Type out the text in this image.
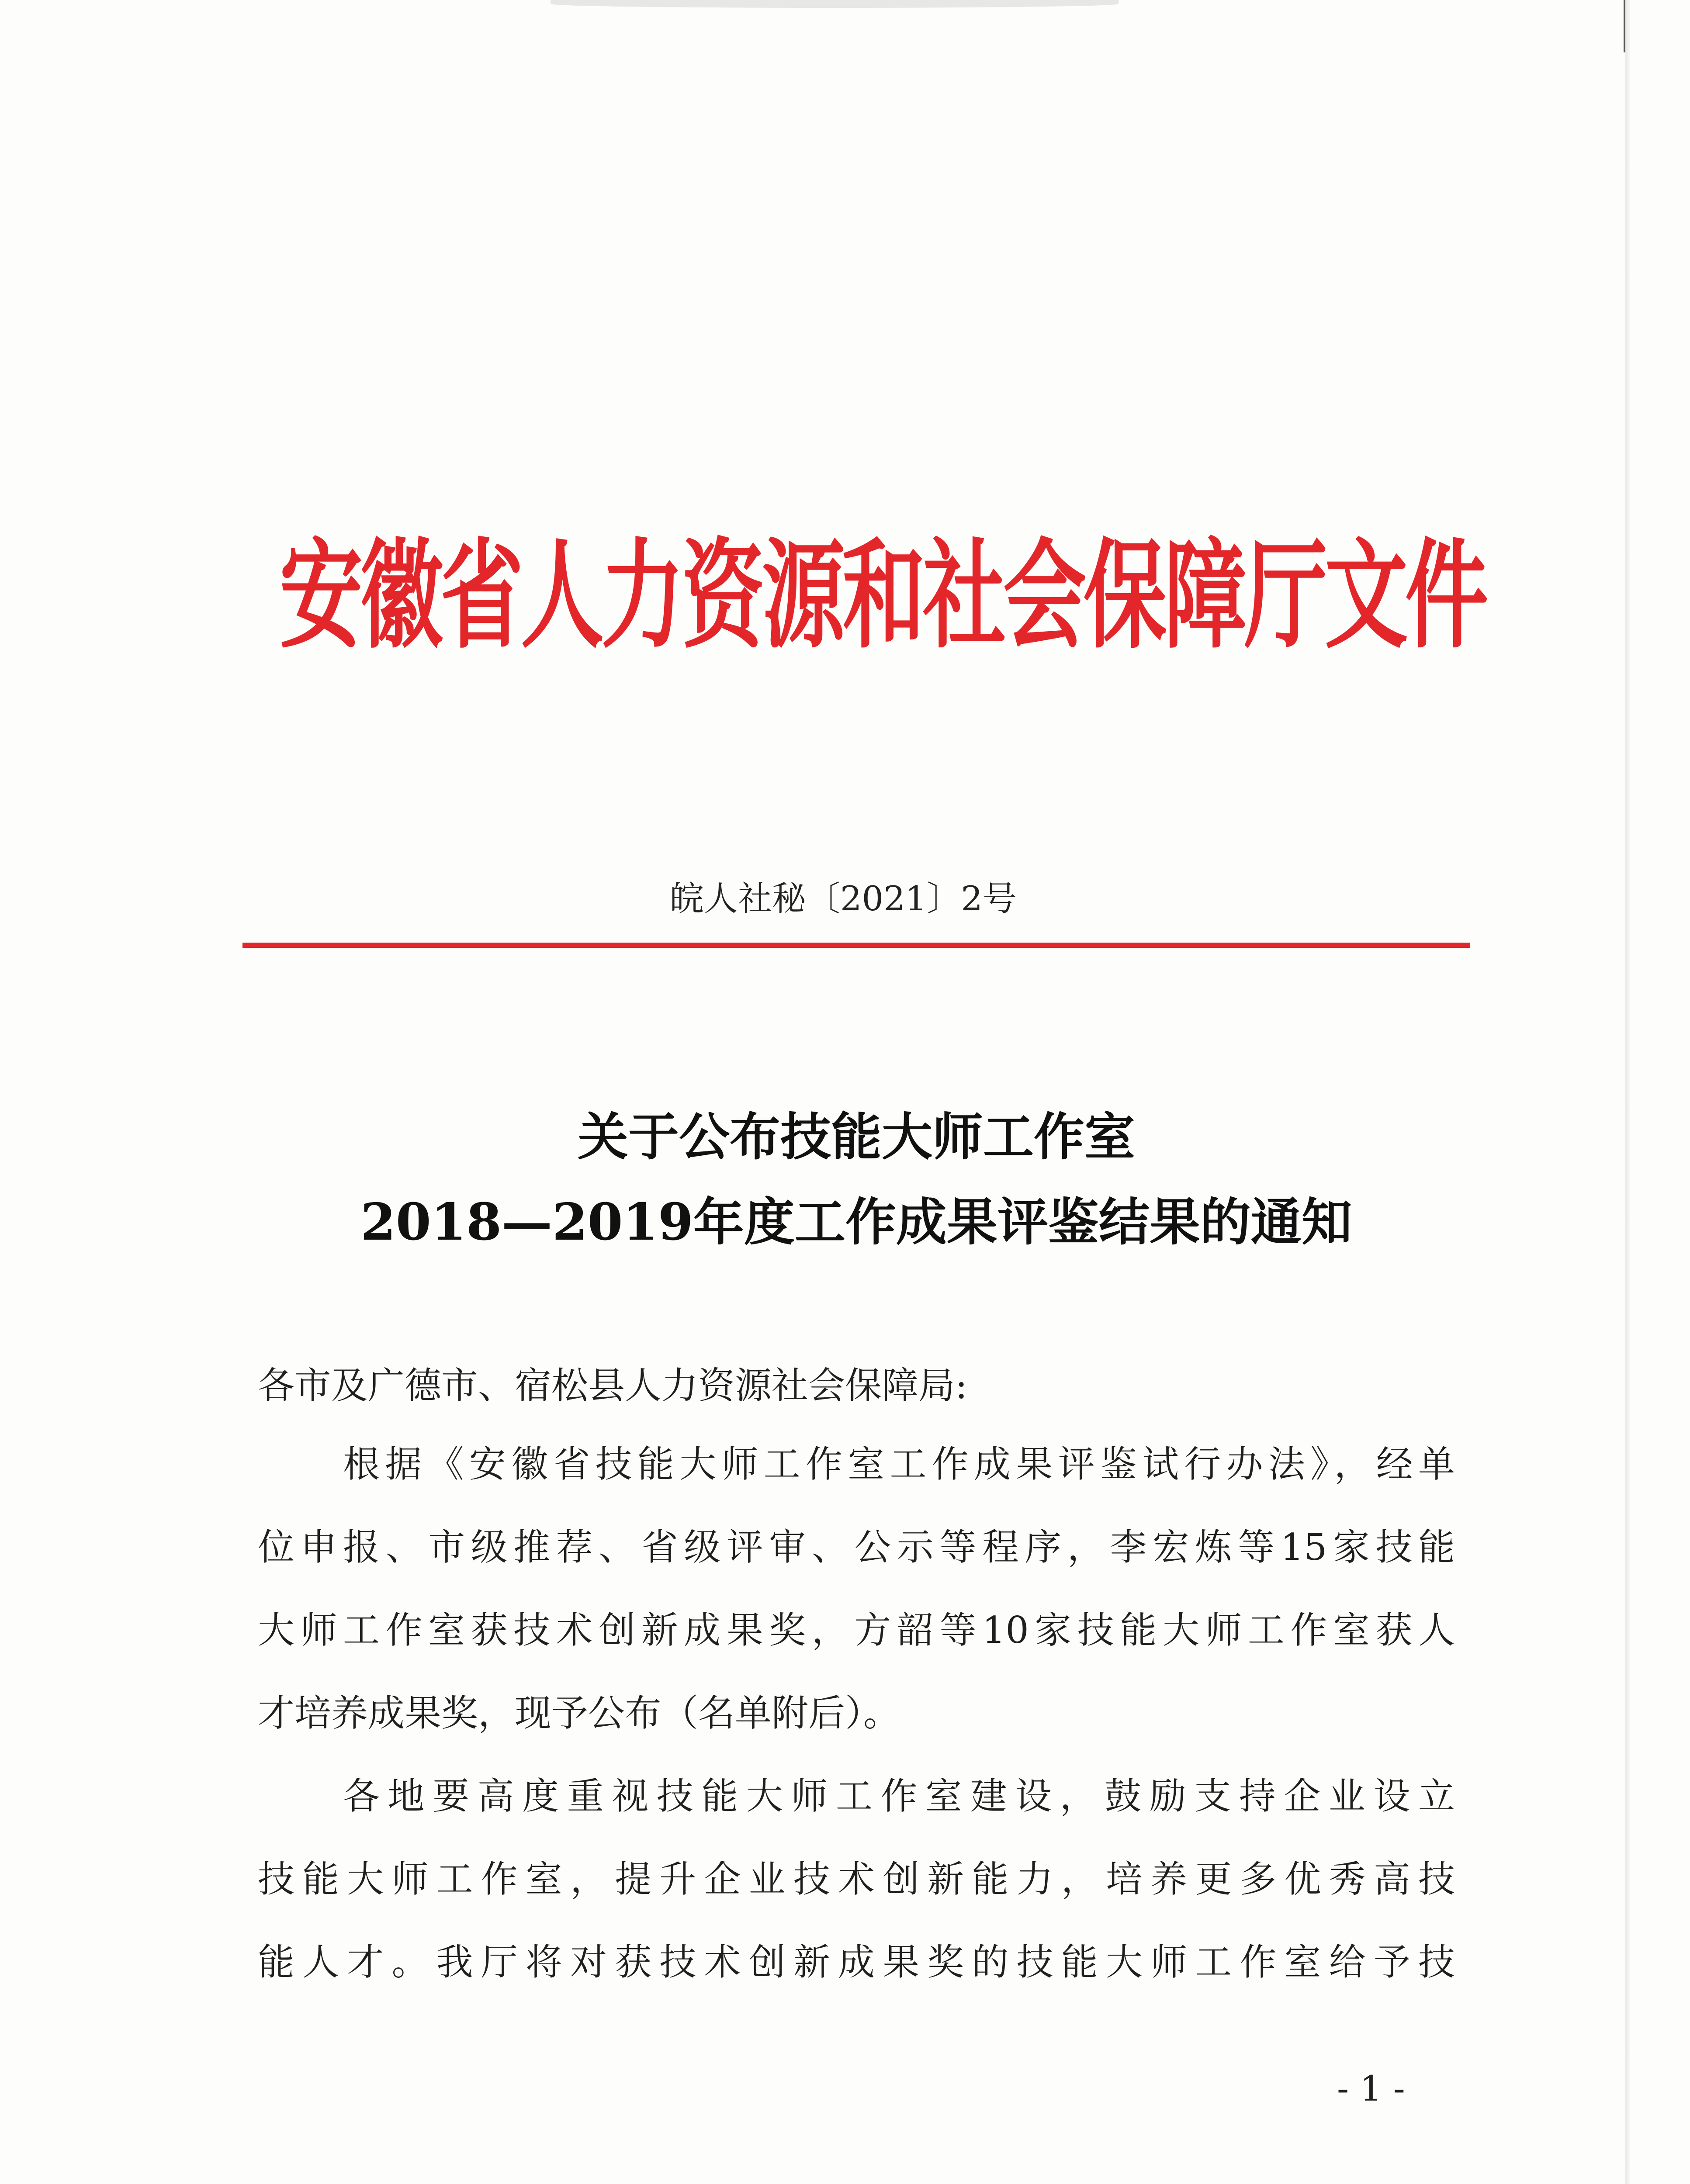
安徽省人力资源和社会保障厅文件
皖人社秘〔2021〕2号
关于公布技能大师工作室
2018—2019年度工作成果评鉴结果的通知
各市及广德市、宿松县人力资源社会保障局:
根据《安徽省技能大师工作室工作成果评鉴试行办法》，经单
位申报、市级推荐、省级评审、公示等程序，李宏炼等15家技能
大师工作室获技术创新成果奖，方韶等10家技能大师工作室获人
才培养成果奖，现予公布（名单附后）。
各地要高度重视技能大师工作室建设，鼓励支持企业设立
技能大师工作室，提升企业技术创新能力，培养更多优秀高技
能人才。我厅将对获技术创新成果奖的技能大师工作室给予技
- 1 -
